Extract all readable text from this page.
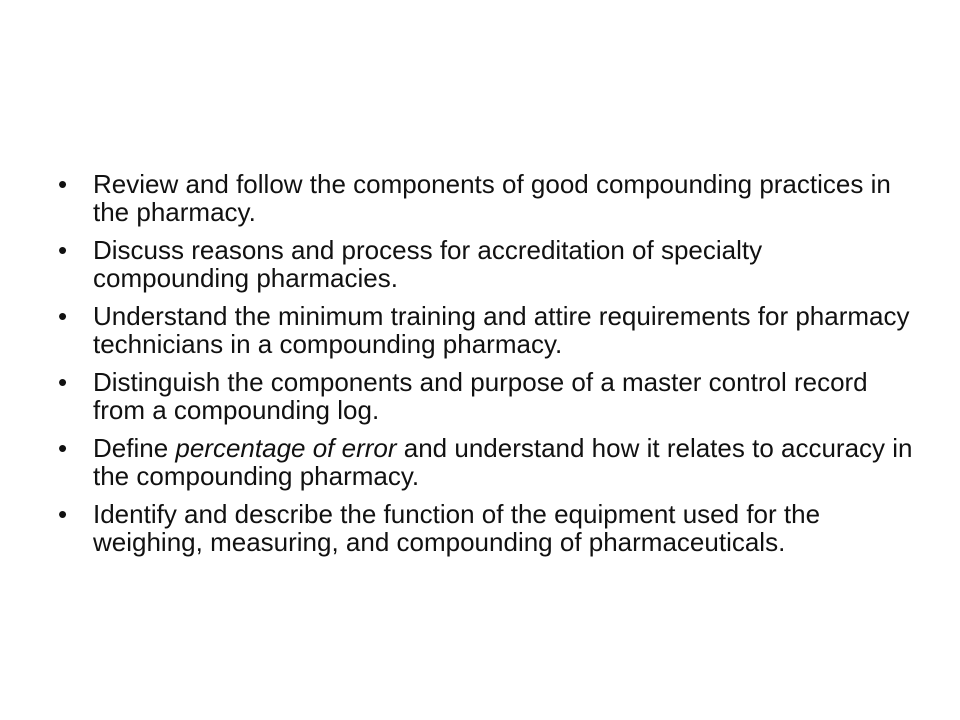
• Review and follow the components of good compounding practices in the pharmacy.
• Discuss reasons and process for accreditation of specialty compounding pharmacies.
• Understand the minimum training and attire requirements for pharmacy technicians in a compounding pharmacy.
• Distinguish the components and purpose of a master control record from a compounding log.
• Define percentage of error and understand how it relates to accuracy in the compounding pharmacy.
• Identify and describe the function of the equipment used for the weighing, measuring, and compounding of pharmaceuticals.
